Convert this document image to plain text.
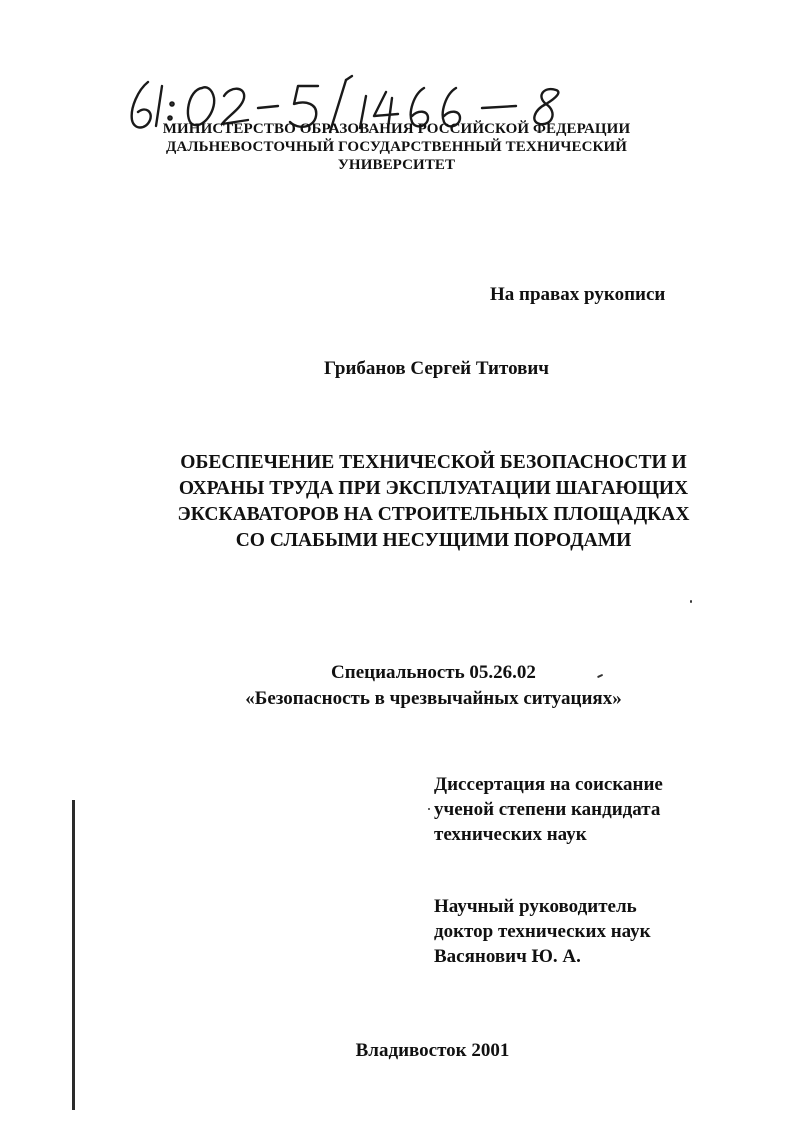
МИНИСТЕРСТВО ОБРАЗОВАНИЯ РОССИЙСКОЙ ФЕДЕРАЦИИ
ДАЛЬНЕВОСТОЧНЫЙ ГОСУДАРСТВЕННЫЙ ТЕХНИЧЕСКИЙ
УНИВЕРСИТЕТ
На правах рукописи
Грибанов Сергей Титович
ОБЕСПЕЧЕНИЕ ТЕХНИЧЕСКОЙ БЕЗОПАСНОСТИ И
ОХРАНЫ ТРУДА ПРИ ЭКСПЛУАТАЦИИ ШАГАЮЩИХ
ЭКСКАВАТОРОВ НА СТРОИТЕЛЬНЫХ ПЛОЩАДКАХ
СО СЛАБЫМИ НЕСУЩИМИ ПОРОДАМИ
Специальность 05.26.02
«Безопасность в чрезвычайных ситуациях»
Диссертация на соискание
ученой степени кандидата
технических наук
Научный руководитель
доктор технических наук
Васянович Ю. А.
Владивосток 2001
